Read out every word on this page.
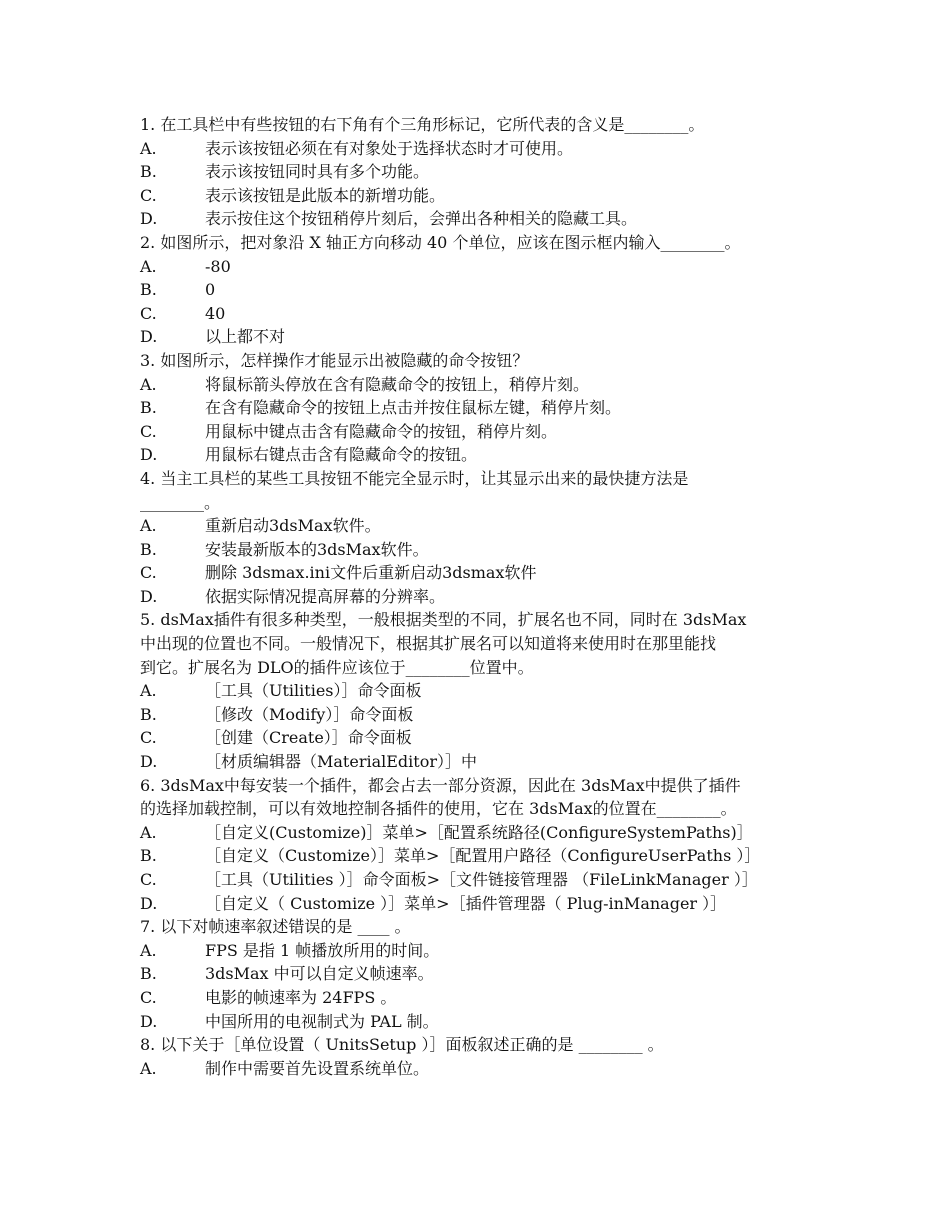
1. 在工具栏中有些按钮的右下角有个三角形标记，它所代表的含义是________。
A.	表示该按钮必须在有对象处于选择状态时才可使用。
B.	表示该按钮同时具有多个功能。
C.	表示该按钮是此版本的新增功能。
D.	表示按住这个按钮稍停片刻后，会弹出各种相关的隐藏工具。
2. 如图所示，把对象沿 X 轴正方向移动 40 个单位，应该在图示框内输入________。
A.	-80
B.	0
C.	40
D.	以上都不对
3. 如图所示，怎样操作才能显示出被隐藏的命令按钮？
A.	将鼠标箭头停放在含有隐藏命令的按钮上，稍停片刻。
B.	在含有隐藏命令的按钮上点击并按住鼠标左键，稍停片刻。
C.	用鼠标中键点击含有隐藏命令的按钮，稍停片刻。
D.	用鼠标右键点击含有隐藏命令的按钮。
4. 当主工具栏的某些工具按钮不能完全显示时，让其显示出来的最快捷方法是
________。
A.	重新启动3dsMax软件。
B.	安装最新版本的3dsMax软件。
C.	删除 3dsmax.ini文件后重新启动3dsmax软件
D.	依据实际情况提高屏幕的分辨率。
5. dsMax插件有很多种类型，一般根据类型的不同，扩展名也不同，同时在 3dsMax
中出现的位置也不同。一般情况下，根据其扩展名可以知道将来使用时在那里能找
到它。扩展名为 DLO的插件应该位于________位置中。
A.	［工具（Utilities）］命令面板
B.	［修改（Modify）］命令面板
C.	［创建（Create）］命令面板
D.	［材质编辑器（MaterialEditor）］中
6. 3dsMax中每安装一个插件，都会占去一部分资源，因此在 3dsMax中提供了插件
的选择加载控制，可以有效地控制各插件的使用，它在 3dsMax的位置在________。
A.	［自定义(Customize)］菜单>［配置系统路径(ConfigureSystemPaths)］
B.	［自定义（Customize）］菜单>［配置用户路径（ConfigureUserPaths ）］
C.	［工具（Utilities ）］命令面板>［文件链接管理器 （FileLinkManager ）］
D.	［自定义（ Customize ）］菜单>［插件管理器（ Plug-inManager ）］
7. 以下对帧速率叙述错误的是 ____ 。
A.	FPS 是指 1 帧播放所用的时间。
B.	3dsMax 中可以自定义帧速率。
C.	电影的帧速率为 24FPS 。
D.	中国所用的电视制式为 PAL 制。
8. 以下关于［单位设置（ UnitsSetup ）］面板叙述正确的是 ________ 。
A.	制作中需要首先设置系统单位。
